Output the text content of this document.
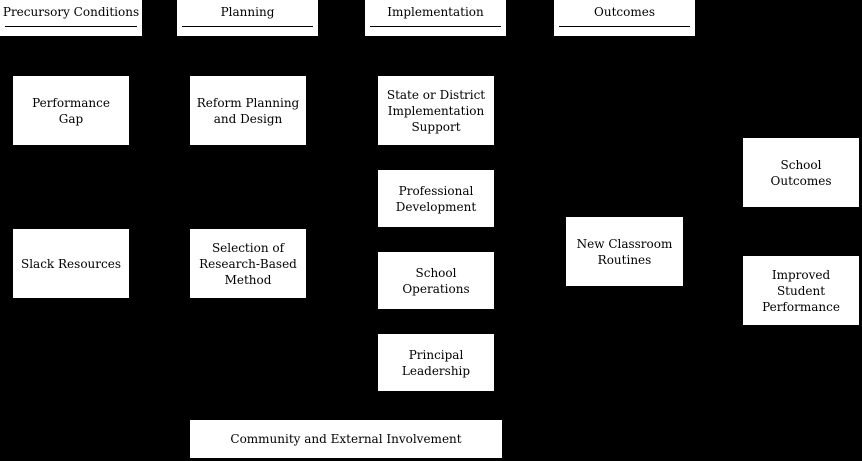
Precursory Conditions	Planning	Implementation	Outcomes
Performance Gap
Slack Resources
Reform Planning
and Design
Selection of
Research-Based
Method
State or District
Implementation
Support
Professional
Development
School
Operations
Principal
Leadership
Community and External Involvement
New Classroom
Routines
School
Outcomes
Improved Student
Performance
